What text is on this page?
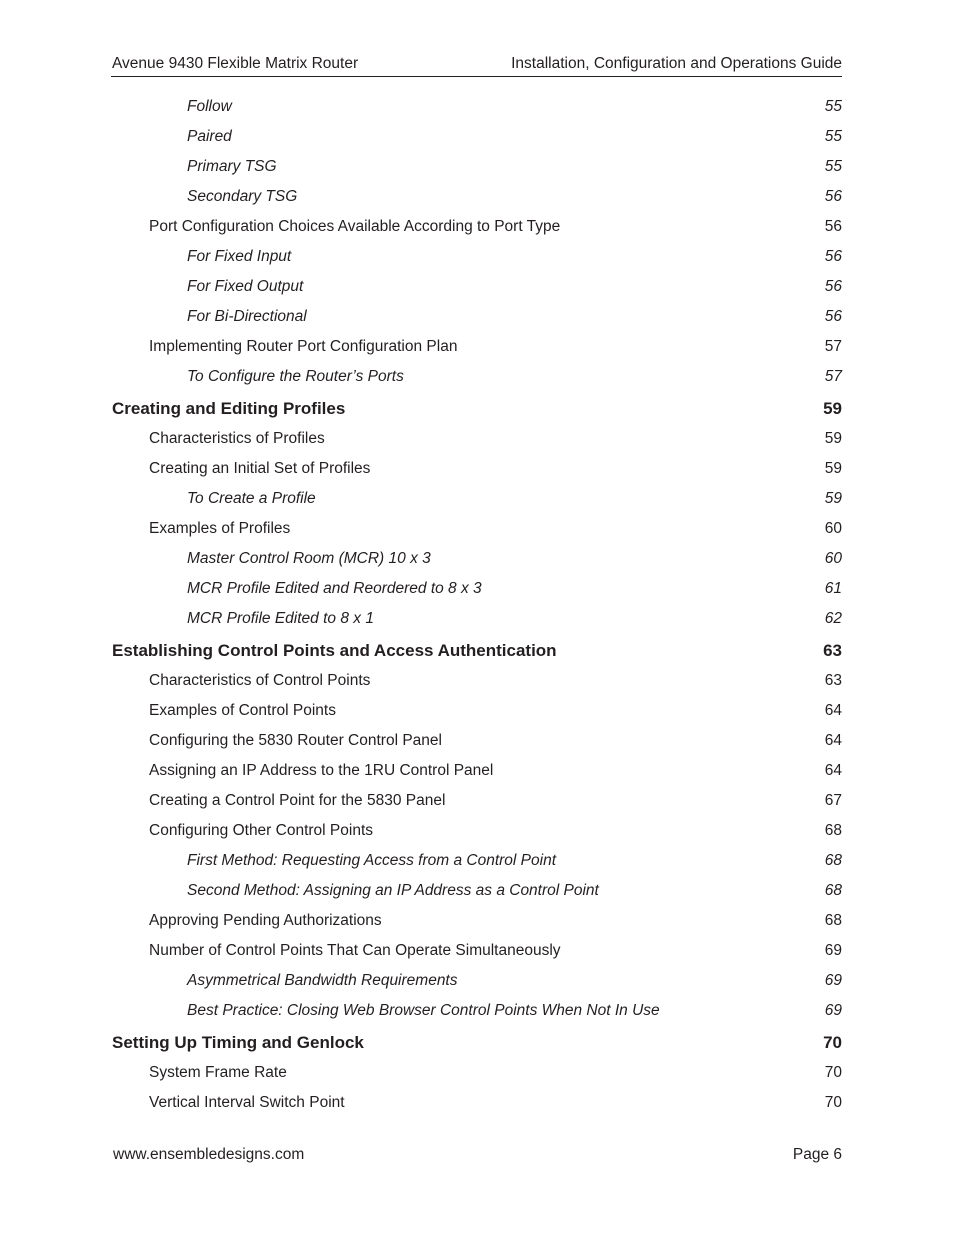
Avenue 9430 Flexible Matrix Router	Installation, Configuration and Operations Guide
Follow	55
Paired	55
Primary TSG	55
Secondary TSG	56
Port Configuration Choices Available According to Port Type	56
For Fixed Input	56
For Fixed Output	56
For Bi-Directional	56
Implementing Router Port Configuration Plan	57
To Configure the Router’s Ports	57
Creating and Editing Profiles	59
Characteristics of Profiles	59
Creating an Initial Set of Profiles	59
To Create a Profile	59
Examples of Profiles	60
Master Control Room (MCR) 10 x 3	60
MCR Profile Edited and Reordered to 8 x 3	61
MCR Profile Edited to 8 x 1	62
Establishing Control Points and Access Authentication	63
Characteristics of Control Points	63
Examples of Control Points	64
Configuring the 5830 Router Control Panel	64
Assigning an IP Address to the 1RU Control Panel	64
Creating a Control Point for the 5830 Panel	67
Configuring Other Control Points	68
First Method: Requesting Access from a Control Point	68
Second Method: Assigning an IP Address as a Control Point	68
Approving Pending Authorizations	68
Number of Control Points That Can Operate Simultaneously	69
Asymmetrical Bandwidth Requirements	69
Best Practice: Closing Web Browser Control Points When Not In Use	69
Setting Up Timing and Genlock	70
System Frame Rate	70
Vertical Interval Switch Point	70
www.ensembledesigns.com	Page 6
